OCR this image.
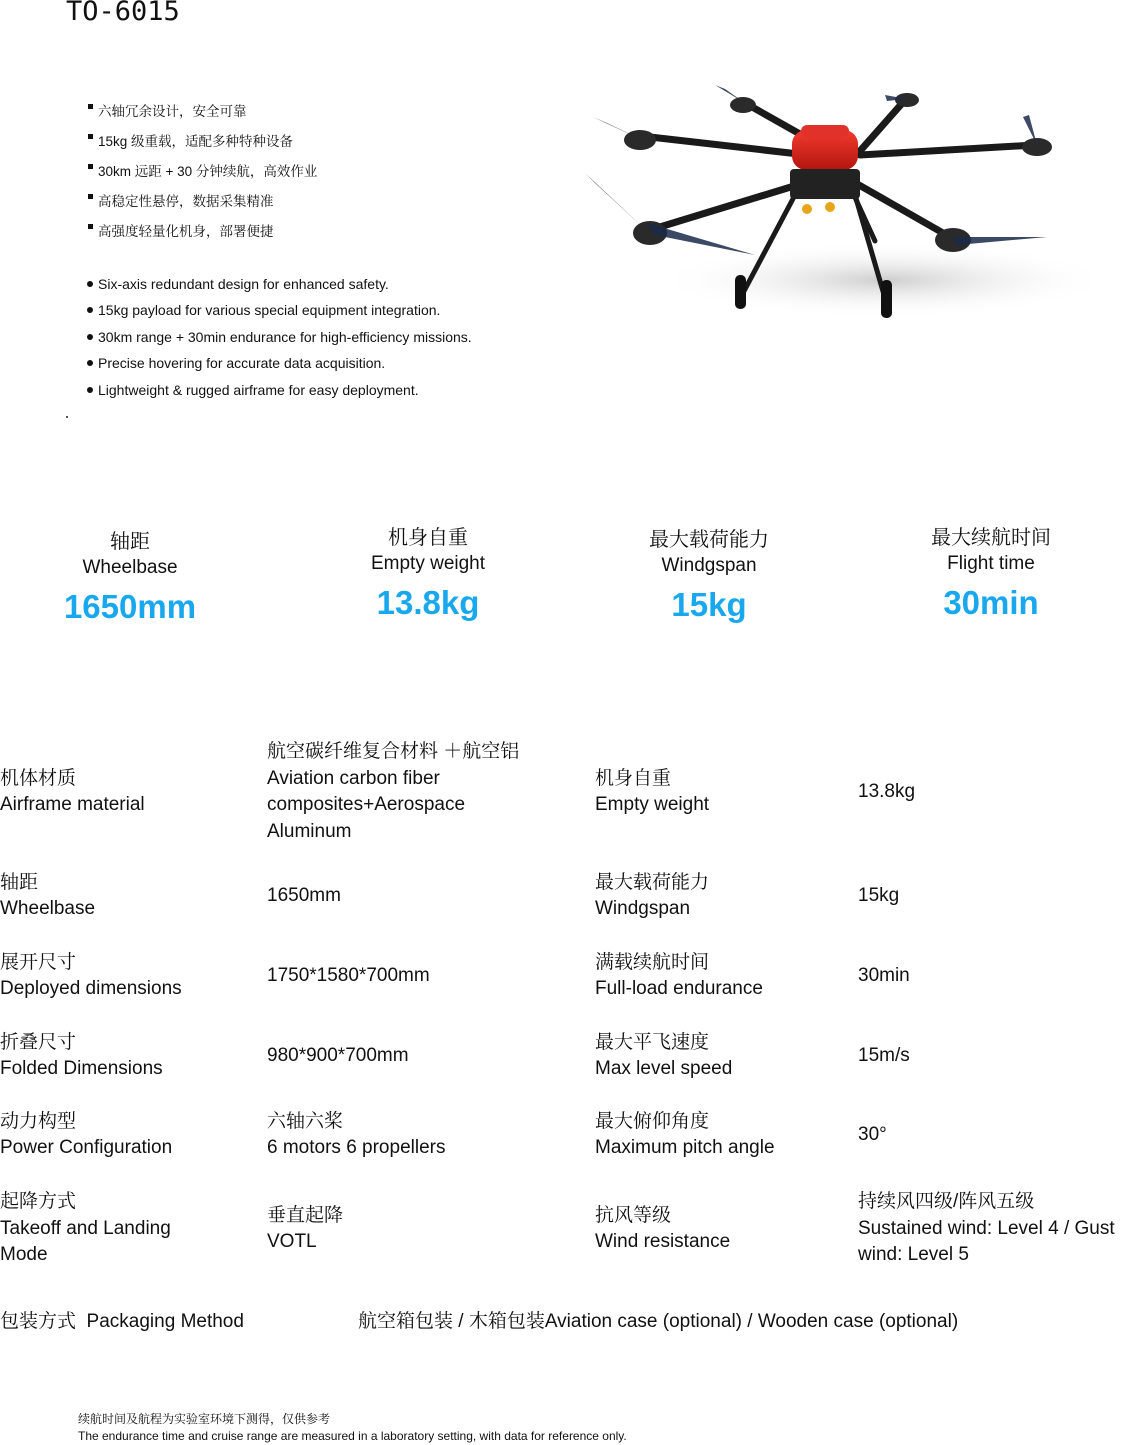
TO-6015
六轴冗余设计，安全可靠
15kg 级重载，适配多种特种设备
30km 远距 + 30 分钟续航，高效作业
高稳定性悬停，数据采集精准
高强度轻量化机身，部署便捷
Six-axis redundant design for enhanced safety.
15kg payload for various special equipment integration.
30km range + 30min endurance for high-efficiency missions.
Precise hovering for accurate data acquisition.
Lightweight & rugged airframe for easy deployment.
轴距
Wheelbase
1650mm
机身自重
Empty weight
13.8kg
最大载荷能力
Windgspan
15kg
最大续航时间
Flight time
30min
机体材质
Airframe material
航空碳纤维复合材料 ＋航空铝
Aviation carbon fiber
composites+Aerospace
Aluminum
机身自重
Empty weight
13.8kg
轴距
Wheelbase
1650mm
最大载荷能力
Windgspan
15kg
展开尺寸
Deployed dimensions
1750*1580*700mm
满载续航时间
Full-load endurance
30min
折叠尺寸
Folded Dimensions
980*900*700mm
最大平飞速度
Max level speed
15m/s
动力构型
Power Configuration
六轴六桨
6 motors 6 propellers
最大俯仰角度
Maximum pitch angle
30°
起降方式
Takeoff and Landing
Mode
垂直起降
VOTL
抗风等级
Wind resistance
持续风四级/阵风五级
Sustained wind: Level 4 / Gust
wind: Level 5
包装方式  Packaging Method	航空箱包装 / 木箱包装Aviation case (optional) / Wooden case (optional)
续航时间及航程为实验室环境下测得，仅供参考
The endurance time and cruise range are measured in a laboratory setting, with data for reference only.
